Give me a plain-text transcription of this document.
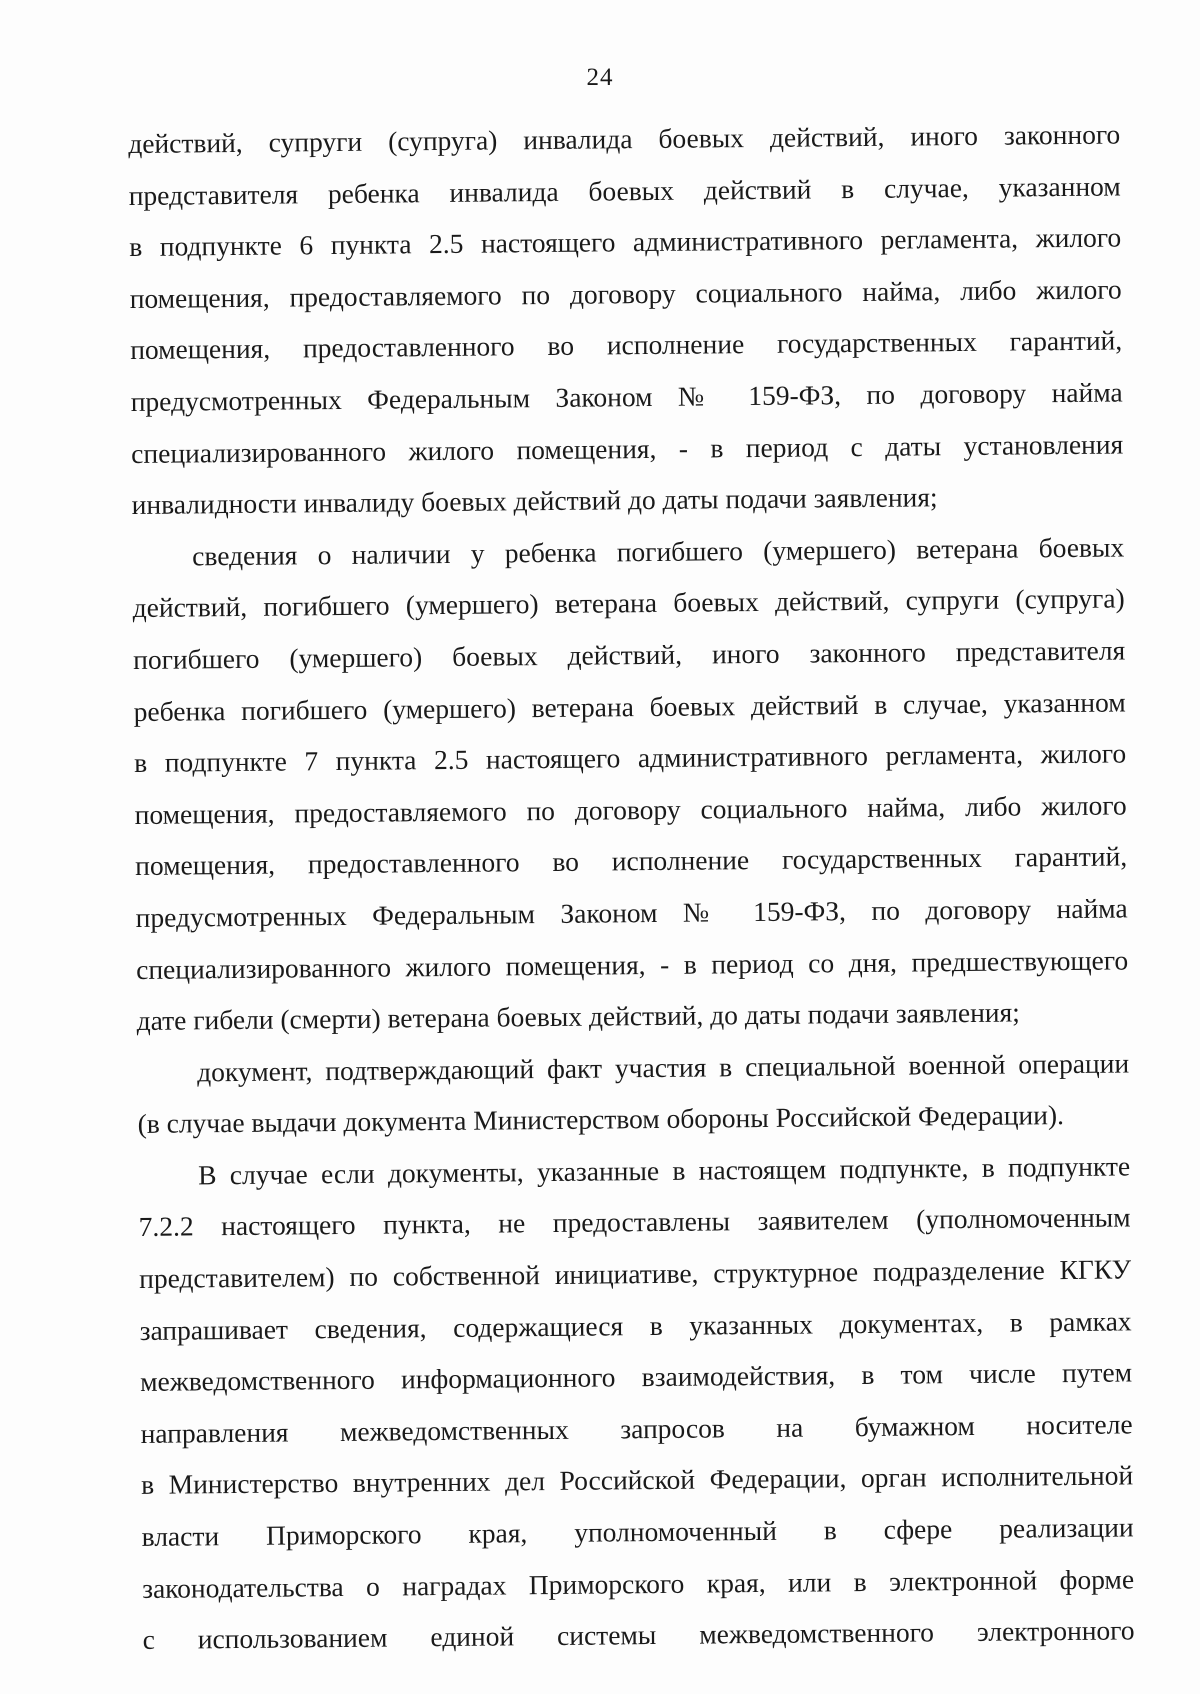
24
действий, супруги (супруга) инвалида боевых действий, иного законного
представителя ребенка инвалида боевых действий в случае, указанном
в подпункте 6 пункта 2.5 настоящего административного регламента, жилого
помещения, предоставляемого по договору социального найма, либо жилого
помещения, предоставленного во исполнение государственных гарантий,
предусмотренных Федеральным Законом № 159-ФЗ, по договору найма
специализированного жилого помещения, - в период с даты установления
инвалидности инвалиду боевых действий до даты подачи заявления;
сведения о наличии у ребенка погибшего (умершего) ветерана боевых
действий, погибшего (умершего) ветерана боевых действий, супруги (супруга)
погибшего (умершего) боевых действий, иного законного представителя
ребенка погибшего (умершего) ветерана боевых действий в случае, указанном
в подпункте 7 пункта 2.5 настоящего административного регламента, жилого
помещения, предоставляемого по договору социального найма, либо жилого
помещения, предоставленного во исполнение государственных гарантий,
предусмотренных Федеральным Законом № 159-ФЗ, по договору найма
специализированного жилого помещения, - в период со дня, предшествующего
дате гибели (смерти) ветерана боевых действий, до даты подачи заявления;
документ, подтверждающий факт участия в специальной военной операции
(в случае выдачи документа Министерством обороны Российской Федерации).
В случае если документы, указанные в настоящем подпункте, в подпункте
7.2.2 настоящего пункта, не предоставлены заявителем (уполномоченным
представителем) по собственной инициативе, структурное подразделение КГКУ
запрашивает сведения, содержащиеся в указанных документах, в рамках
межведомственного информационного взаимодействия, в том числе путем
направления межведомственных запросов на бумажном носителе
в Министерство внутренних дел Российской Федерации, орган исполнительной
власти Приморского края, уполномоченный в сфере реализации
законодательства о наградах Приморского края, или в электронной форме
с использованием единой системы межведомственного электронного
